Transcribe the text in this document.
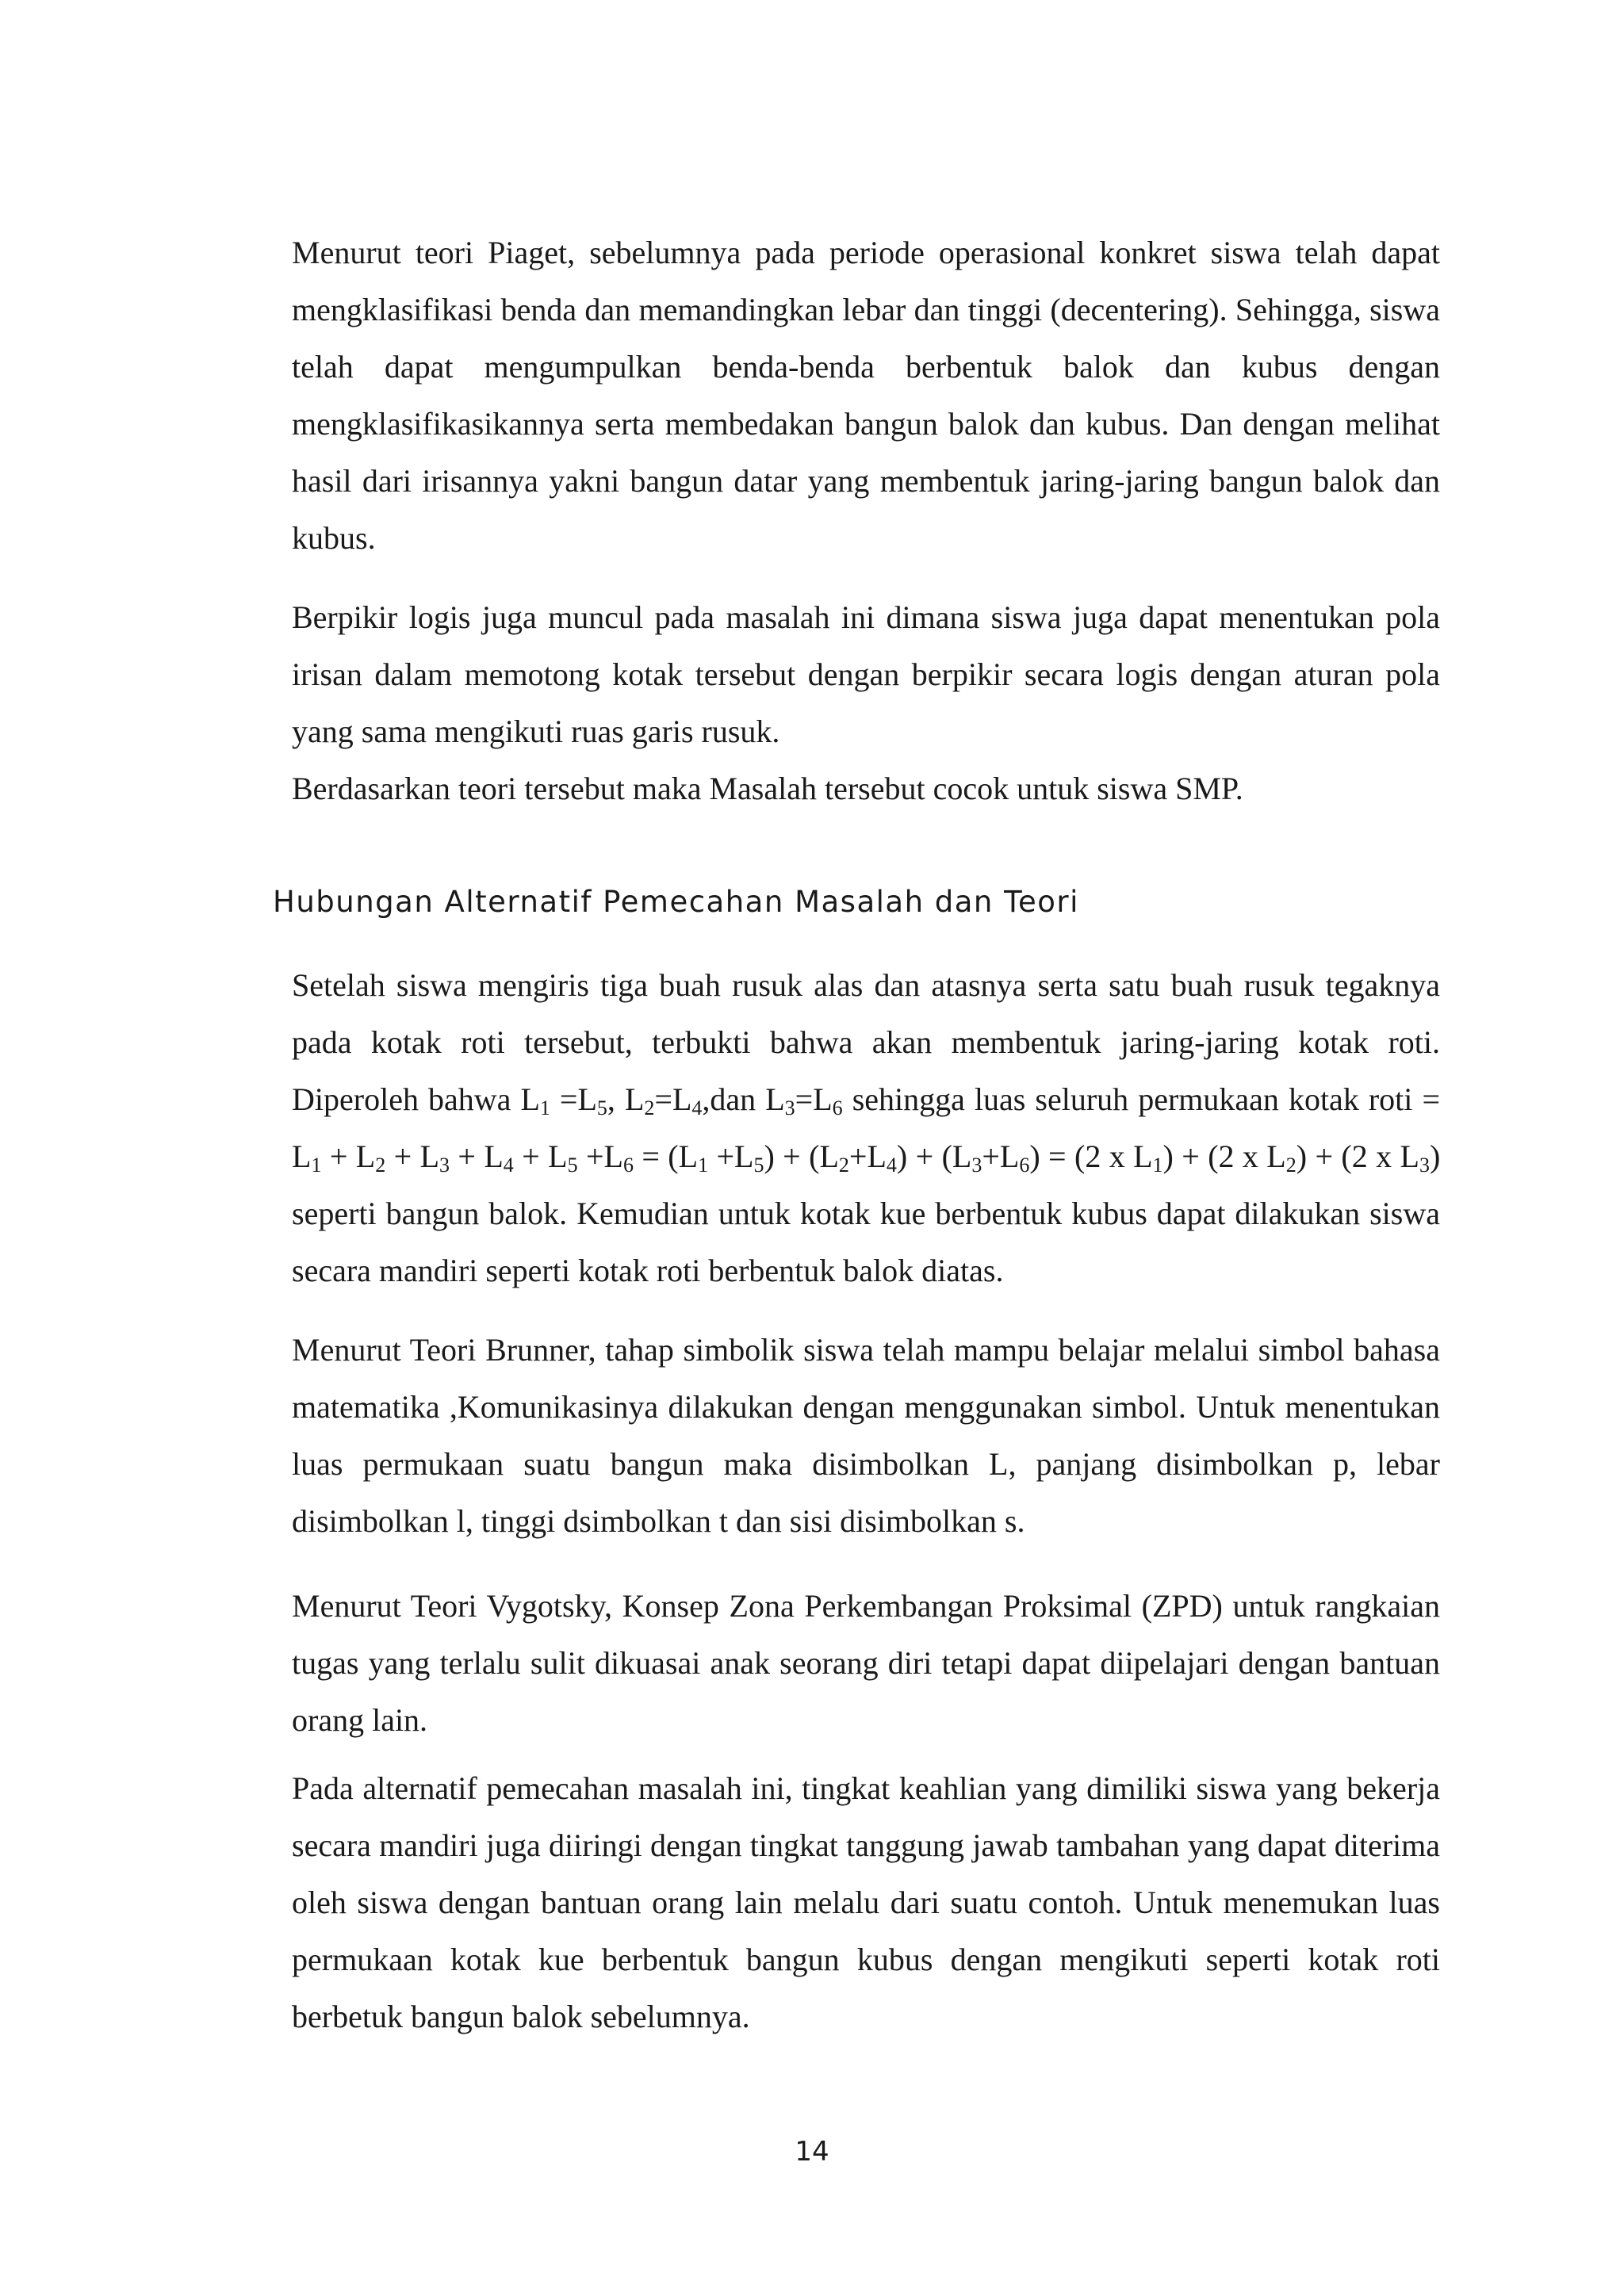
Menurut teori Piaget, sebelumnya pada periode operasional konkret siswa telah dapat mengklasifikasi benda dan memandingkan lebar dan tinggi (decentering). Sehingga, siswa telah dapat mengumpulkan benda-benda berbentuk balok dan kubus dengan mengklasifikasikannya serta membedakan bangun balok dan kubus. Dan dengan melihat hasil dari irisannya yakni bangun datar yang membentuk jaring-jaring bangun balok dan kubus.

Berpikir logis juga muncul pada masalah ini dimana siswa juga dapat menentukan pola irisan dalam memotong kotak tersebut dengan berpikir secara logis dengan aturan pola yang sama mengikuti ruas garis rusuk.

Berdasarkan teori tersebut maka Masalah tersebut cocok untuk siswa SMP.

Hubungan Alternatif Pemecahan Masalah dan Teori

Setelah siswa mengiris tiga buah rusuk alas dan atasnya serta satu buah rusuk tegaknya pada kotak roti tersebut, terbukti bahwa akan membentuk jaring-jaring kotak roti. Diperoleh bahwa $L_1 =L_5$, $L_2=L_4,dan$ $L_3=L_6$ sehingga luas seluruh permukaan kotak roti = $L_1 + L_2 + L_3 + L_4 + L_5 +L_6 = (L_1 +L_5) + (L_2+L_4) + (L_3+L_6) = (2$ x $L_1) + (2$ x $L_2) + (2$ x $L_3$) seperti bangun balok. Kemudian untuk kotak kue berbentuk kubus dapat dilakukan siswa secara mandiri seperti kotak roti berbentuk balok diatas.

Menurut Teori Brunner, tahap simbolik siswa telah mampu belajar melalui simbol bahasa matematika ,Komunikasinya dilakukan dengan menggunakan simbol. Untuk menentukan luas permukaan suatu bangun maka disimbolkan L, panjang disimbolkan p, lebar disimbolkan l, tinggi dsimbolkan t dan sisi disimbolkan s.

Menurut Teori Vygotsky, Konsep Zona Perkembangan Proksimal (ZPD) untuk rangkaian tugas yang terlalu sulit dikuasai anak seorang diri tetapi dapat diipelajari dengan bantuan orang lain.

Pada alternatif pemecahan masalah ini, tingkat keahlian yang dimiliki siswa yang bekerja secara mandiri juga diiringi dengan tingkat tanggung jawab tambahan yang dapat diterima oleh siswa dengan bantuan orang lain melalu dari suatu contoh. Untuk menemukan luas permukaan kotak kue berbentuk bangun kubus dengan mengikuti seperti kotak roti berbetuk bangun balok sebelumnya.

14
